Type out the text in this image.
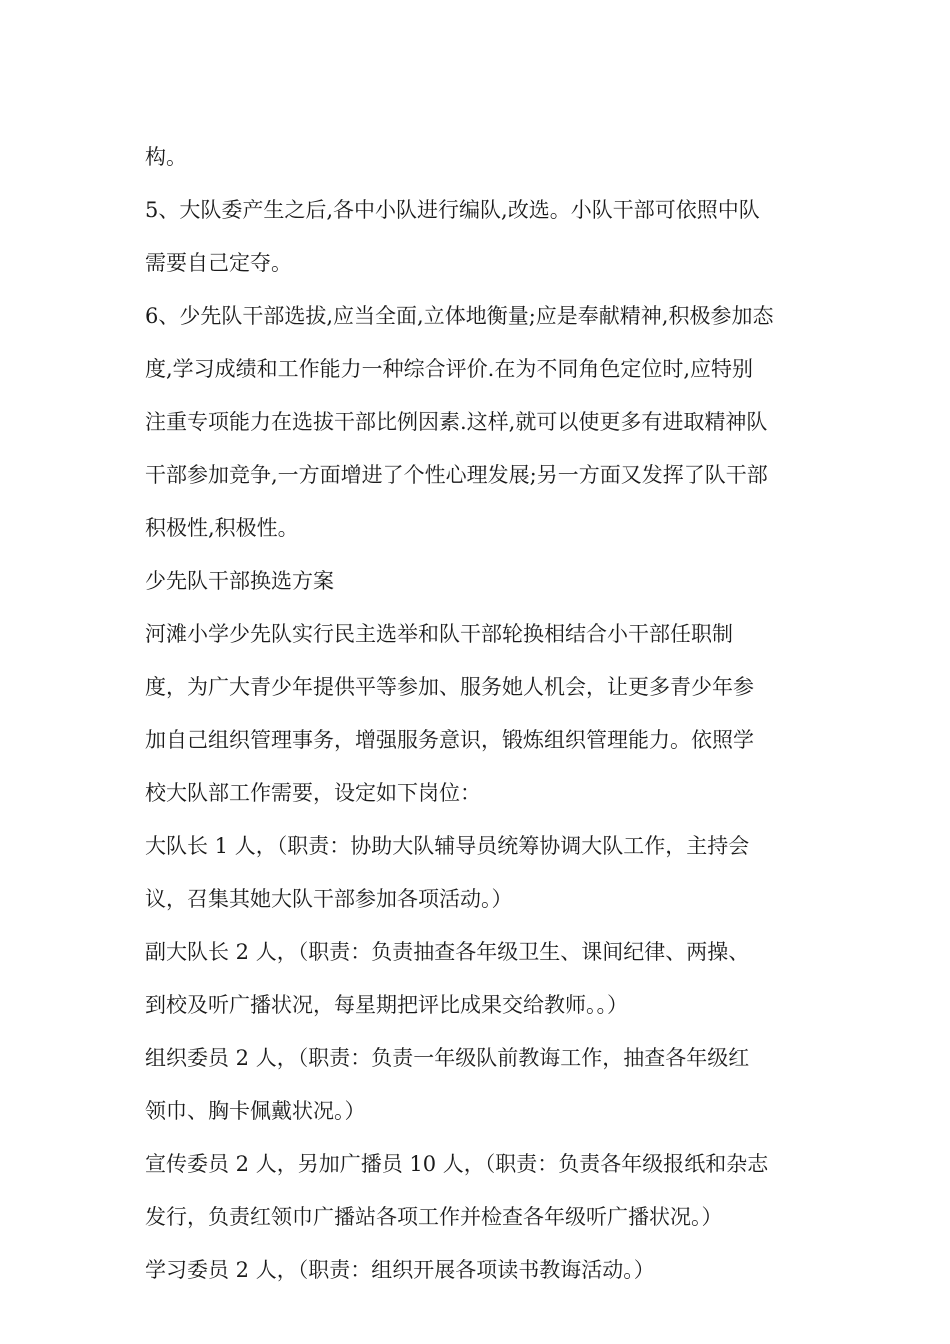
构。
5、大队委产生之后,各中小队进行编队,改选。小队干部可依照中队
需要自己定夺。
6、少先队干部选拔,应当全面,立体地衡量;应是奉献精神,积极参加态
度,学习成绩和工作能力一种综合评价.在为不同角色定位时,应特别
注重专项能力在选拔干部比例因素.这样,就可以使更多有进取精神队
干部参加竞争,一方面增进了个性心理发展;另一方面又发挥了队干部
积极性,积极性。
少先队干部换选方案
河滩小学少先队实行民主选举和队干部轮换相结合小干部任职制
度，为广大青少年提供平等参加、服务她人机会，让更多青少年参
加自己组织管理事务，增强服务意识，锻炼组织管理能力。依照学
校大队部工作需要，设定如下岗位：
大队长 1 人，（职责：协助大队辅导员统筹协调大队工作，主持会
议，召集其她大队干部参加各项活动。）
副大队长 2 人，（职责：负责抽查各年级卫生、课间纪律、两操、
到校及听广播状况，每星期把评比成果交给教师。。）
组织委员 2 人，（职责：负责一年级队前教诲工作，抽查各年级红
领巾、胸卡佩戴状况。）
宣传委员 2 人，另加广播员 10 人，（职责：负责各年级报纸和杂志
发行，负责红领巾广播站各项工作并检查各年级听广播状况。）
学习委员 2 人，（职责：组织开展各项读书教诲活动。）
